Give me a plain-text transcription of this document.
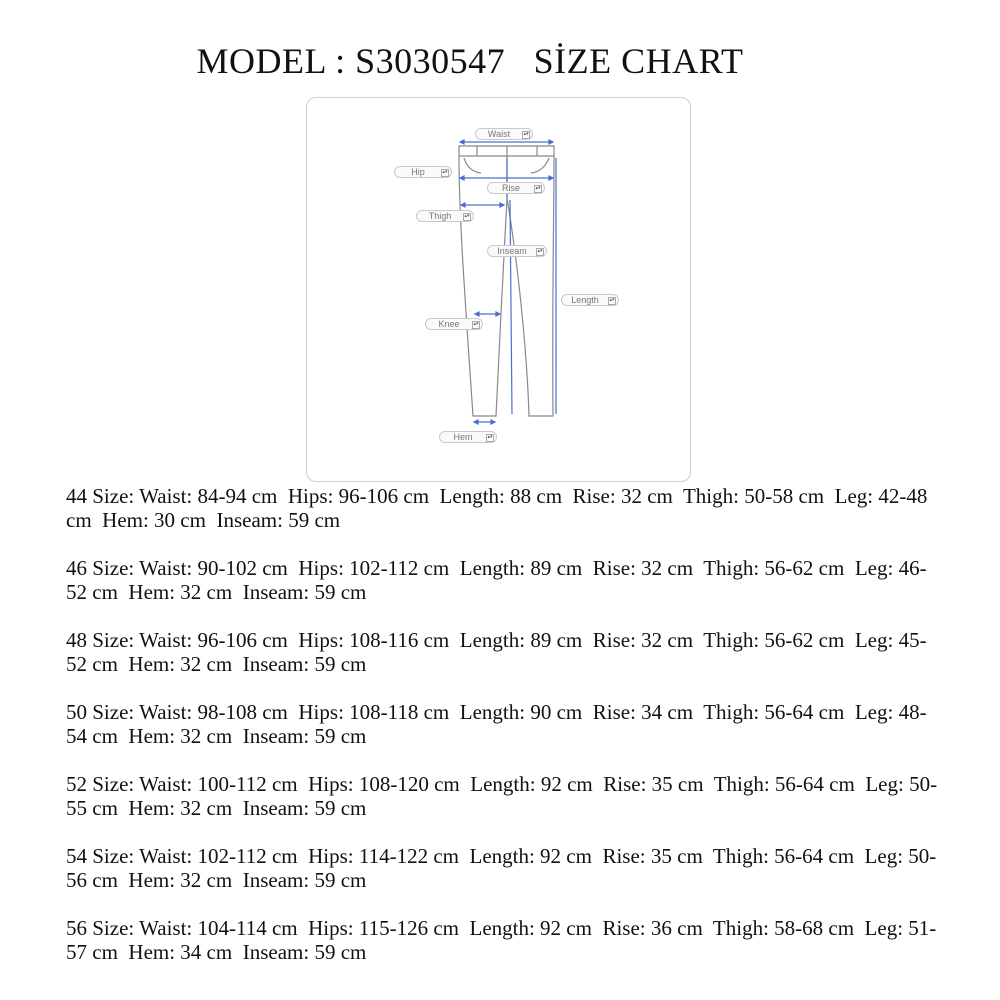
MODEL : S3030547   SİZE CHART
Waist	▴▾
Hip	▴▾
Rise	▴▾
Thigh	▴▾
Inseam ▴▾
Length ▴▾
Knee	▴▾
Hem	▴▾
44 Size: Waist: 84-94 cm  Hips: 96-106 cm  Length: 88 cm  Rise: 32 cm  Thigh: 50-58 cm  Leg: 42-48 cm  Hem: 30 cm  Inseam: 59 cm
46 Size: Waist: 90-102 cm  Hips: 102-112 cm  Length: 89 cm  Rise: 32 cm  Thigh: 56-62 cm  Leg: 46-52 cm  Hem: 32 cm  Inseam: 59 cm
48 Size: Waist: 96-106 cm  Hips: 108-116 cm  Length: 89 cm  Rise: 32 cm  Thigh: 56-62 cm  Leg: 45-52 cm  Hem: 32 cm  Inseam: 59 cm
50 Size: Waist: 98-108 cm  Hips: 108-118 cm  Length: 90 cm  Rise: 34 cm  Thigh: 56-64 cm  Leg: 48-54 cm  Hem: 32 cm  Inseam: 59 cm
52 Size: Waist: 100-112 cm  Hips: 108-120 cm  Length: 92 cm  Rise: 35 cm  Thigh: 56-64 cm  Leg: 50-55 cm  Hem: 32 cm  Inseam: 59 cm
54 Size: Waist: 102-112 cm  Hips: 114-122 cm  Length: 92 cm  Rise: 35 cm  Thigh: 56-64 cm  Leg: 50-56 cm  Hem: 32 cm  Inseam: 59 cm
56 Size: Waist: 104-114 cm  Hips: 115-126 cm  Length: 92 cm  Rise: 36 cm  Thigh: 58-68 cm  Leg: 51-57 cm  Hem: 34 cm  Inseam: 59 cm
